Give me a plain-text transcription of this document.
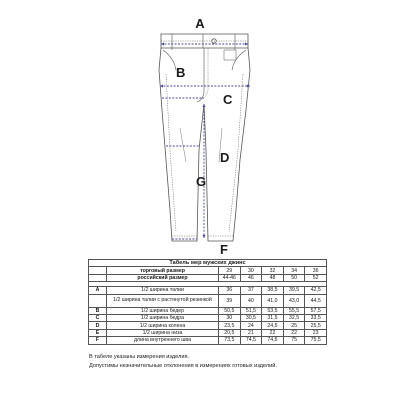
A
B
C
D
G
F
Табель мер мужских джинс						
	торговый размер	29	30	32	34	36
	российский размер	44-46	46	48	50	52

A	1/2 ширина талии	36	37	38,5	39,5	42,5
	1/2 ширина талии с растянутой резинкой	39	40	41,0	43,0	44,5
B	1/2 ширина бедер	50,5	51,5	53,5	55,5	57,5
C	1/2 ширина бедра	30	30,5	31,5	32,5	33,5
D	1/2 ширина колена	23,5	24	24,5	25	25,5
E	1/2 ширина низа	20,5	21	22	22	23
F	длина внутреннего шва	73,5	74,5	74,5	75	75,5
В табеле указаны измерения изделия.
Допустимы незначительные отклонения в измерениях готовых изделий.
